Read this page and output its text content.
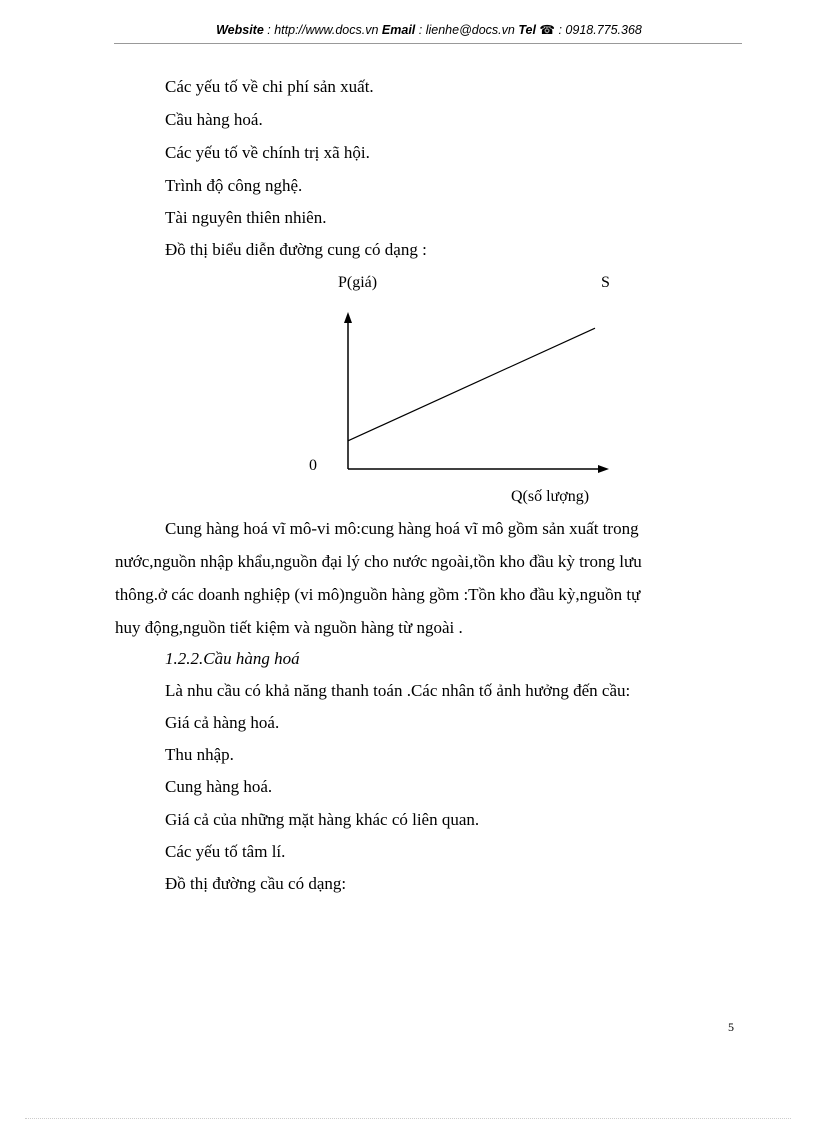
Website : http://www.docs.vn Email : lienhe@docs.vn Tel ☎ : 0918.775.368
Các yếu tố về chi phí sản xuất.
Cầu hàng hoá.
Các yếu tố về chính trị xã hội.
Trình độ công nghệ.
Tài nguyên thiên nhiên.
Đồ thị biểu diễn đường cung có dạng :
P(giá)	S
0
Q(số lượng)
Cung hàng hoá vĩ mô-vi mô:cung hàng hoá vĩ mô gồm sản xuất trong
nước,nguồn nhập khẩu,nguồn đại lý cho nước ngoài,tồn kho đầu kỳ trong lưu
thông.ở các doanh nghiệp (vi mô)nguồn hàng gồm :Tồn kho đầu kỳ,nguồn tự
huy động,nguồn tiết kiệm và nguồn hàng từ ngoài .
1.2.2.Cầu hàng hoá
Là nhu cầu có khả năng thanh toán .Các nhân tố ảnh hưởng đến cầu:
Giá cả hàng hoá.
Thu nhập.
Cung hàng hoá.
Giá cả của những mặt hàng khác có liên quan.
Các yếu tố tâm lí.
Đồ thị đường cầu có dạng:
5
